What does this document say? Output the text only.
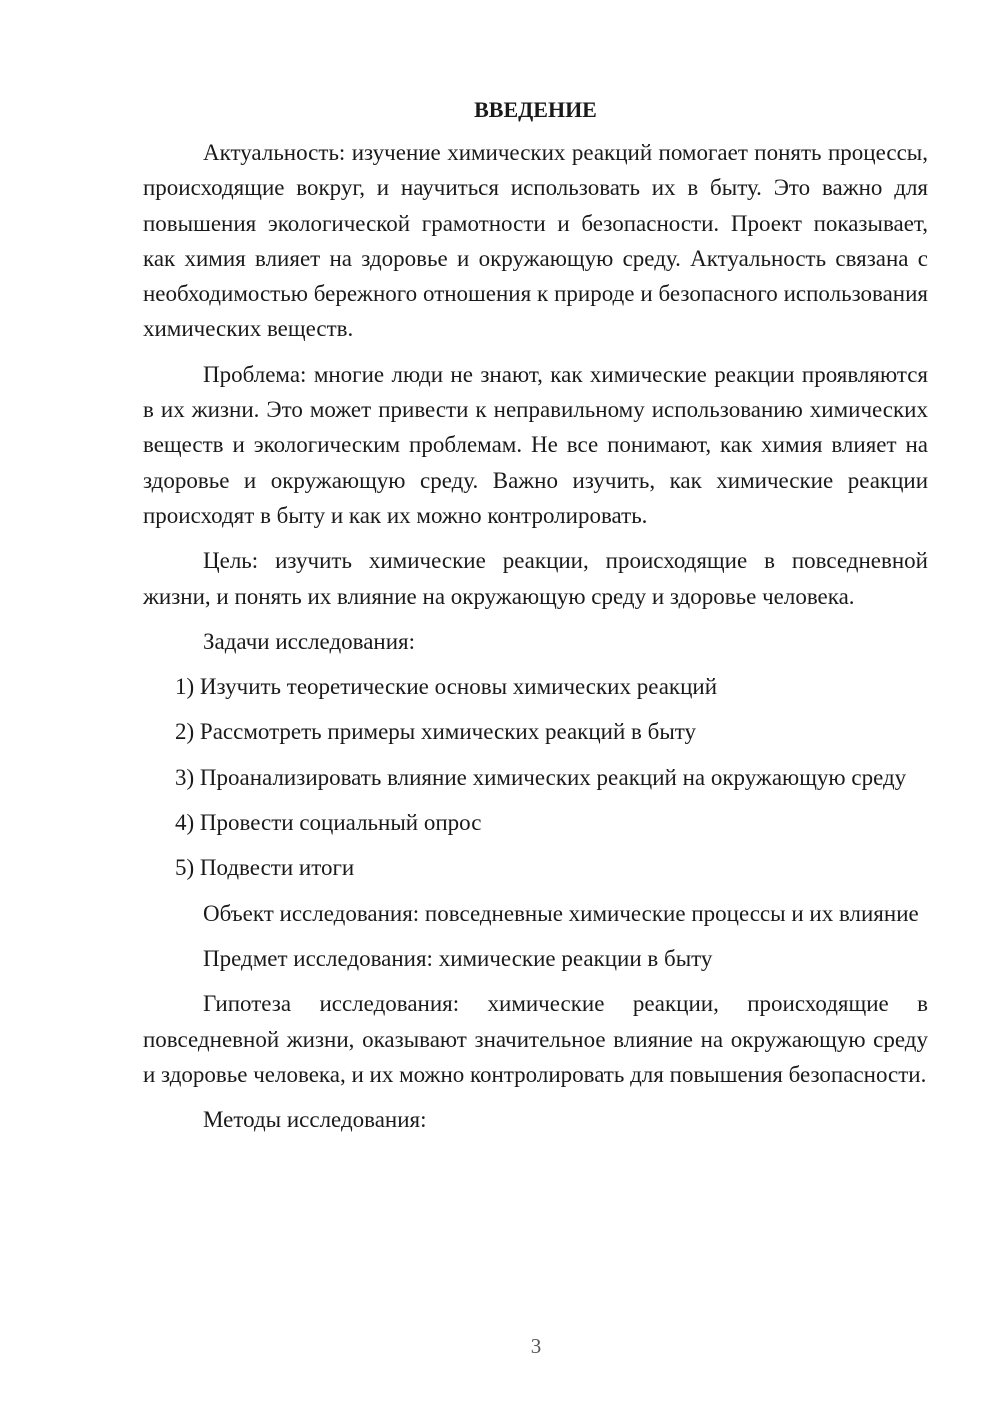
ВВЕДЕНИЕ

Актуальность: изучение химических реакций помогает понять процессы, происходящие вокруг, и научиться использовать их в быту. Это важно для повышения экологической грамотности и безопасности. Проект показывает, как химия влияет на здоровье и окружающую среду. Актуальность связана с необходимостью бережного отношения к природе и безопасного использования химических веществ.

Проблема: многие люди не знают, как химические реакции проявляются в их жизни. Это может привести к неправильному использованию химических веществ и экологическим проблемам. Не все понимают, как химия влияет на здоровье и окружающую среду. Важно изучить, как химические реакции происходят в быту и как их можно контролировать.

Цель: изучить химические реакции, происходящие в повседневной жизни, и понять их влияние на окружающую среду и здоровье человека.

Задачи исследования:

1) Изучить теоретические основы химических реакций

2) Рассмотреть примеры химических реакций в быту

3) Проанализировать влияние химических реакций на окружающую среду

4) Провести социальный опрос

5) Подвести итоги

Объект исследования: повседневные химические процессы и их влияние

Предмет исследования: химические реакции в быту

Гипотеза исследования: химические реакции, происходящие в повседневной жизни, оказывают значительное влияние на окружающую среду и здоровье человека, и их можно контролировать для повышения безопасности.

Методы исследования:

3
